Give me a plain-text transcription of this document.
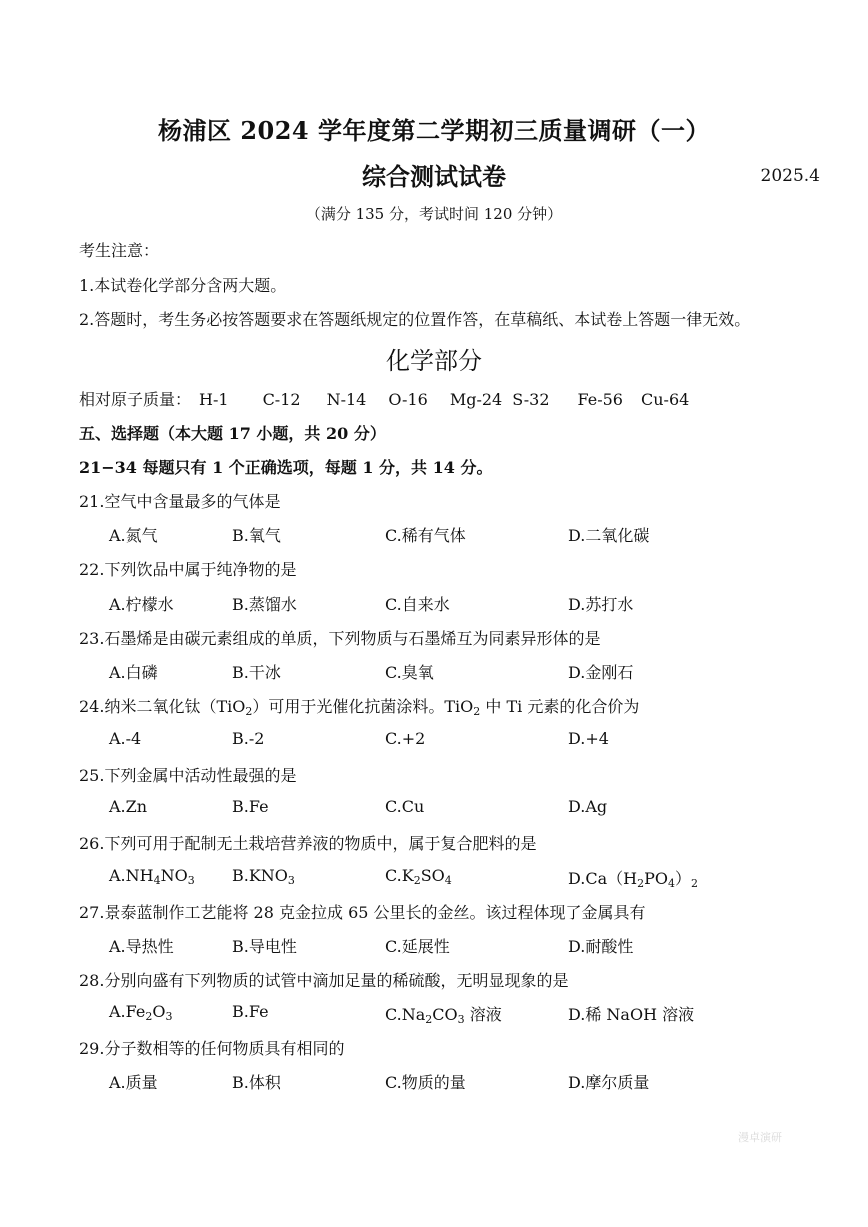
杨浦区 2024 学年度第二学期初三质量调研（一）
综合测试试卷	2025.4
（满分 135 分，考试时间 120 分钟）
考生注意：
1.本试卷化学部分含两大题。
2.答题时，考生务必按答题要求在答题纸规定的位置作答，在草稿纸、本试卷上答题一律无效。
化学部分
相对原子质量： H-1 C-12 N-14 O-16 Mg-24 S-32 Fe-56 Cu-64
五、选择题（本大题 17 小题，共 20 分）
21−34 每题只有 1 个正确选项，每题 1 分，共 14 分。
21.空气中含量最多的气体是
A.氮气	B.氧气	C.稀有气体	D.二氧化碳
22.下列饮品中属于纯净物的是
A.柠檬水	B.蒸馏水	C.自来水	D.苏打水
23.石墨烯是由碳元素组成的单质，下列物质与石墨烯互为同素异形体的是
A.白磷	B.干冰	C.臭氧	D.金刚石
24.纳米二氧化钛（TiO$_2$）可用于光催化抗菌涂料。TiO$_2$ 中 Ti 元素的化合价为
A.-4	B.-2	C.+2	D.+4
25.下列金属中活动性最强的是
A.Zn	B.Fe	C.Cu	D.Ag
26.下列可用于配制无土栽培营养液的物质中，属于复合肥料的是
$A.NH_4NO_3$ $B.KNO_3$	$C.K_2SO_4$	$D.Ca(H_2PO_4)_2$
27.景泰蓝制作工艺能将 28 克金拉成 65 公里长的金丝。该过程体现了金属具有
A.导热性	B.导电性	C.延展性	D.耐酸性
28.分别向盛有下列物质的试管中滴加足量的稀硫酸，无明显现象的是
$A.Fe_2O_3$	B.Fe	$C.Na_2CO_3$ 溶液	D.稀 NaOH 溶液
29.分子数相等的任何物质具有相同的
A.质量	B.体积	C.物质的量	D.摩尔质量
漫卓演研
